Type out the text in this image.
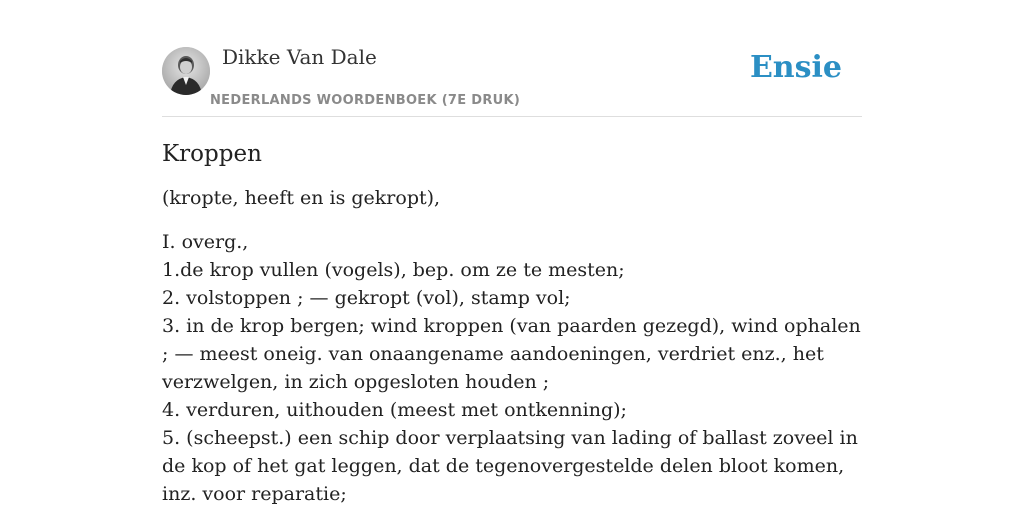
Dikke Van Dale
NEDERLANDS WOORDENBOEK (7E DRUK)
Ensie
Kroppen

(kropte, heeft en is gekropt),

I. overg.,

1.de krop vullen (vogels), bep. om ze te mesten;

2. volstoppen ; — gekropt (vol), stamp vol;

3. in de krop bergen; wind kroppen (van paarden gezegd), wind ophalen ; — meest oneig. van onaangename aandoeningen, verdriet enz., het verzwelgen, in zich opgesloten houden ;

4. verduren, uithouden (meest met ontkenning);

5. (scheepst.) een schip door verplaatsing van lading of ballast zoveel in de kop of het gat leggen, dat de tegenovergestelde delen bloot komen, inz. voor reparatie;
